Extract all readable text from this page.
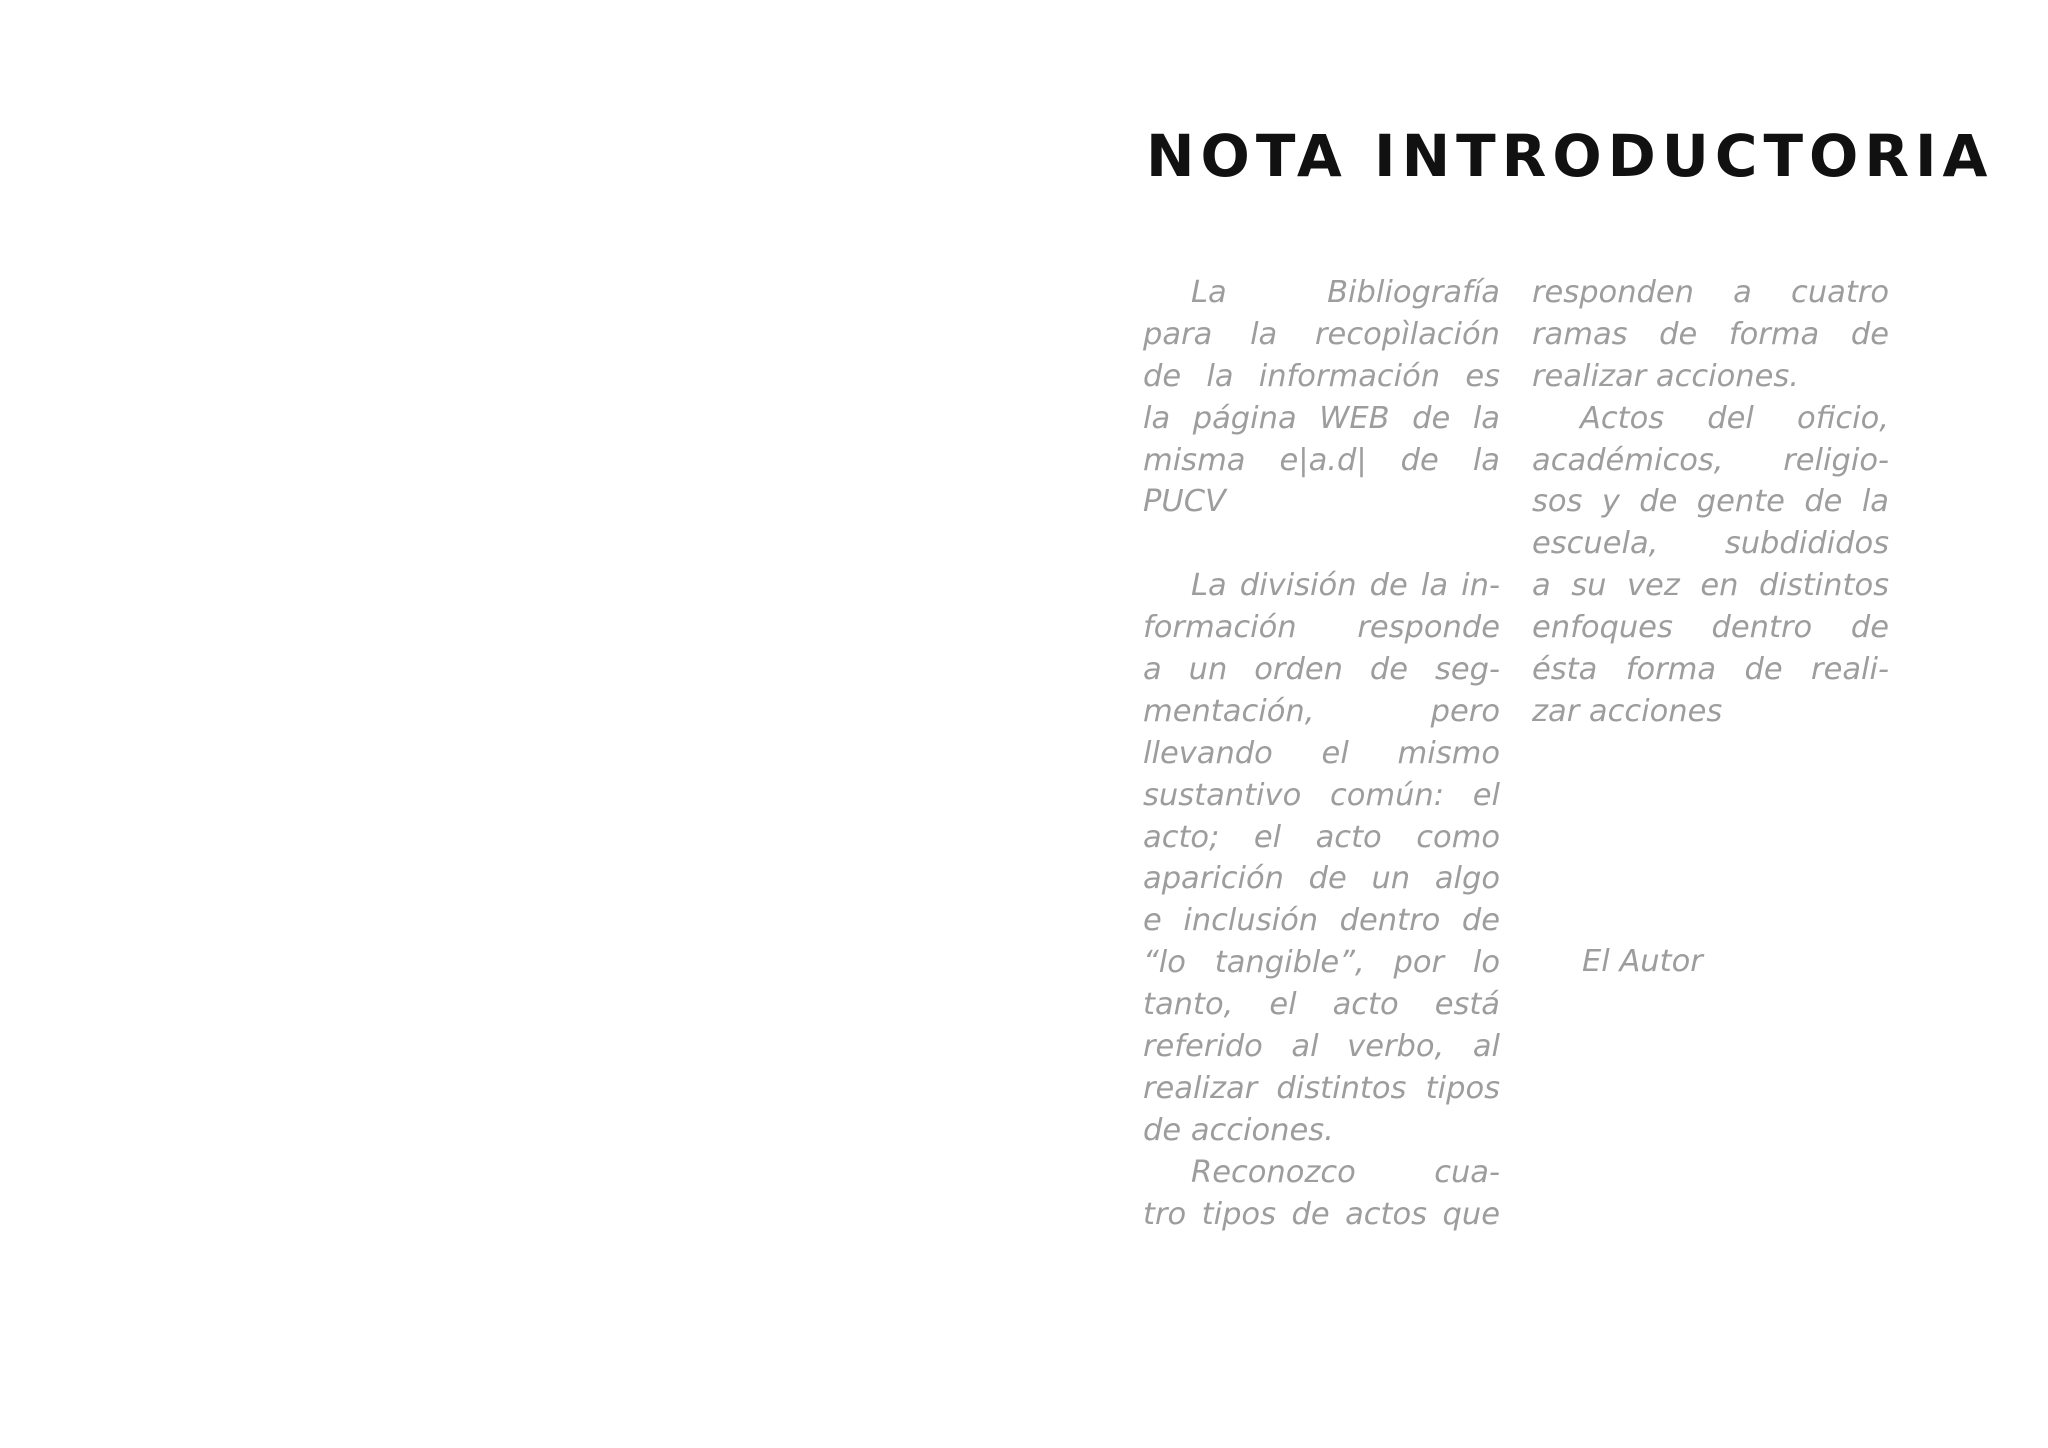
NOTA INTRODUCTORIA
La Bibliografía
para la recopìlación
de la información es
la página WEB de la
misma e|a.d| de la
PUCV
La división de la in-
formación responde
a un orden de seg-
mentación, pero
llevando el mismo
sustantivo común: el
acto; el acto como
aparición de un algo
e inclusión dentro de
“lo tangible”, por lo
tanto, el acto está
referido al verbo, al
realizar distintos tipos
de acciones.
Reconozco cua-
tro tipos de actos que
responden a cuatro
ramas de forma de
realizar acciones.
Actos del oficio,
académicos, religio-
sos y de gente de la
escuela, subdididos
a su vez en distintos
enfoques dentro de
ésta forma de reali-
zar acciones
El Autor
